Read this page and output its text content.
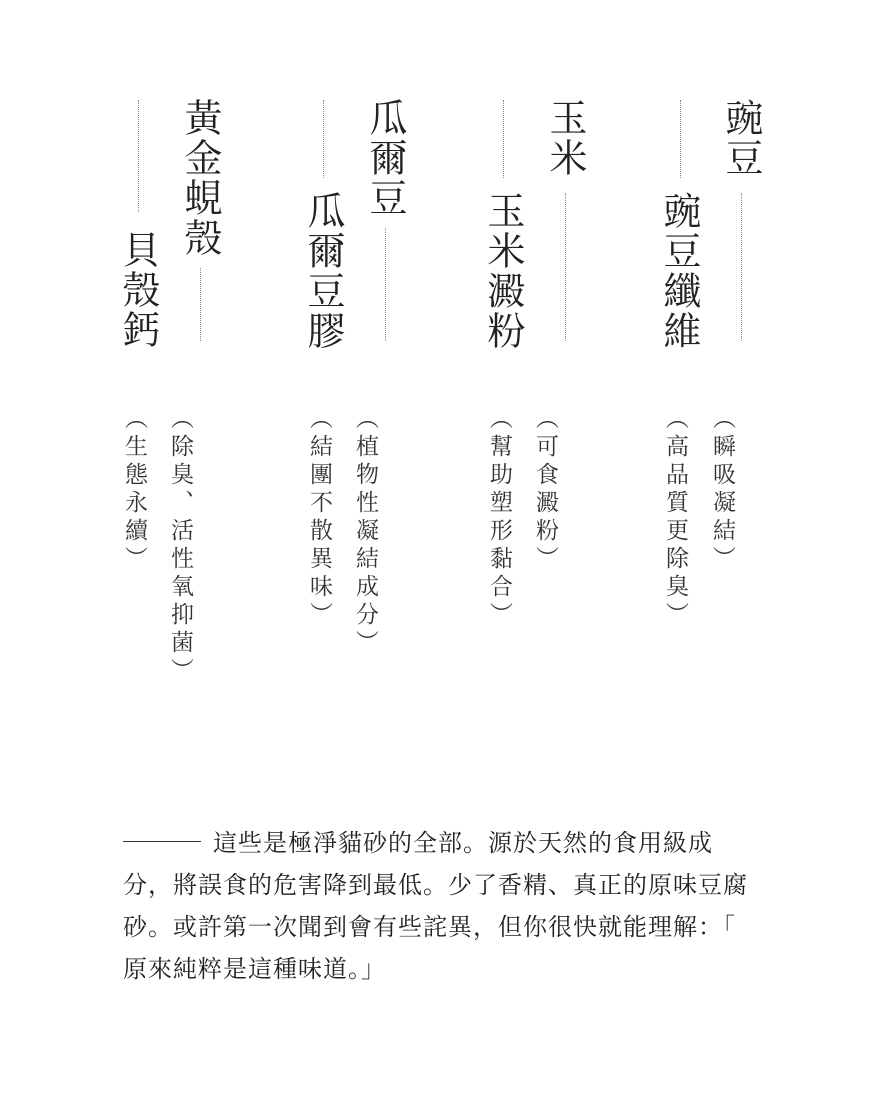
豌豆
豌豆纖維
（瞬吸凝結）
（高品質更除臭）
玉米
玉米澱粉
（可食澱粉）
（幫助塑形黏合）
瓜爾豆
瓜爾豆膠
（植物性凝結成分）
（結團不散異味）
黃金蜆殼
貝殼鈣
（除臭、活性氧抑菌）
（生態永續）

這些是極淨貓砂的全部。源於天然的食用級成分，將誤食的危害降到最低。少了香精、真正的原味豆腐砂。或許第一次聞到會有些詫異，但你很快就能理解：「 原來純粹是這種味道。」
